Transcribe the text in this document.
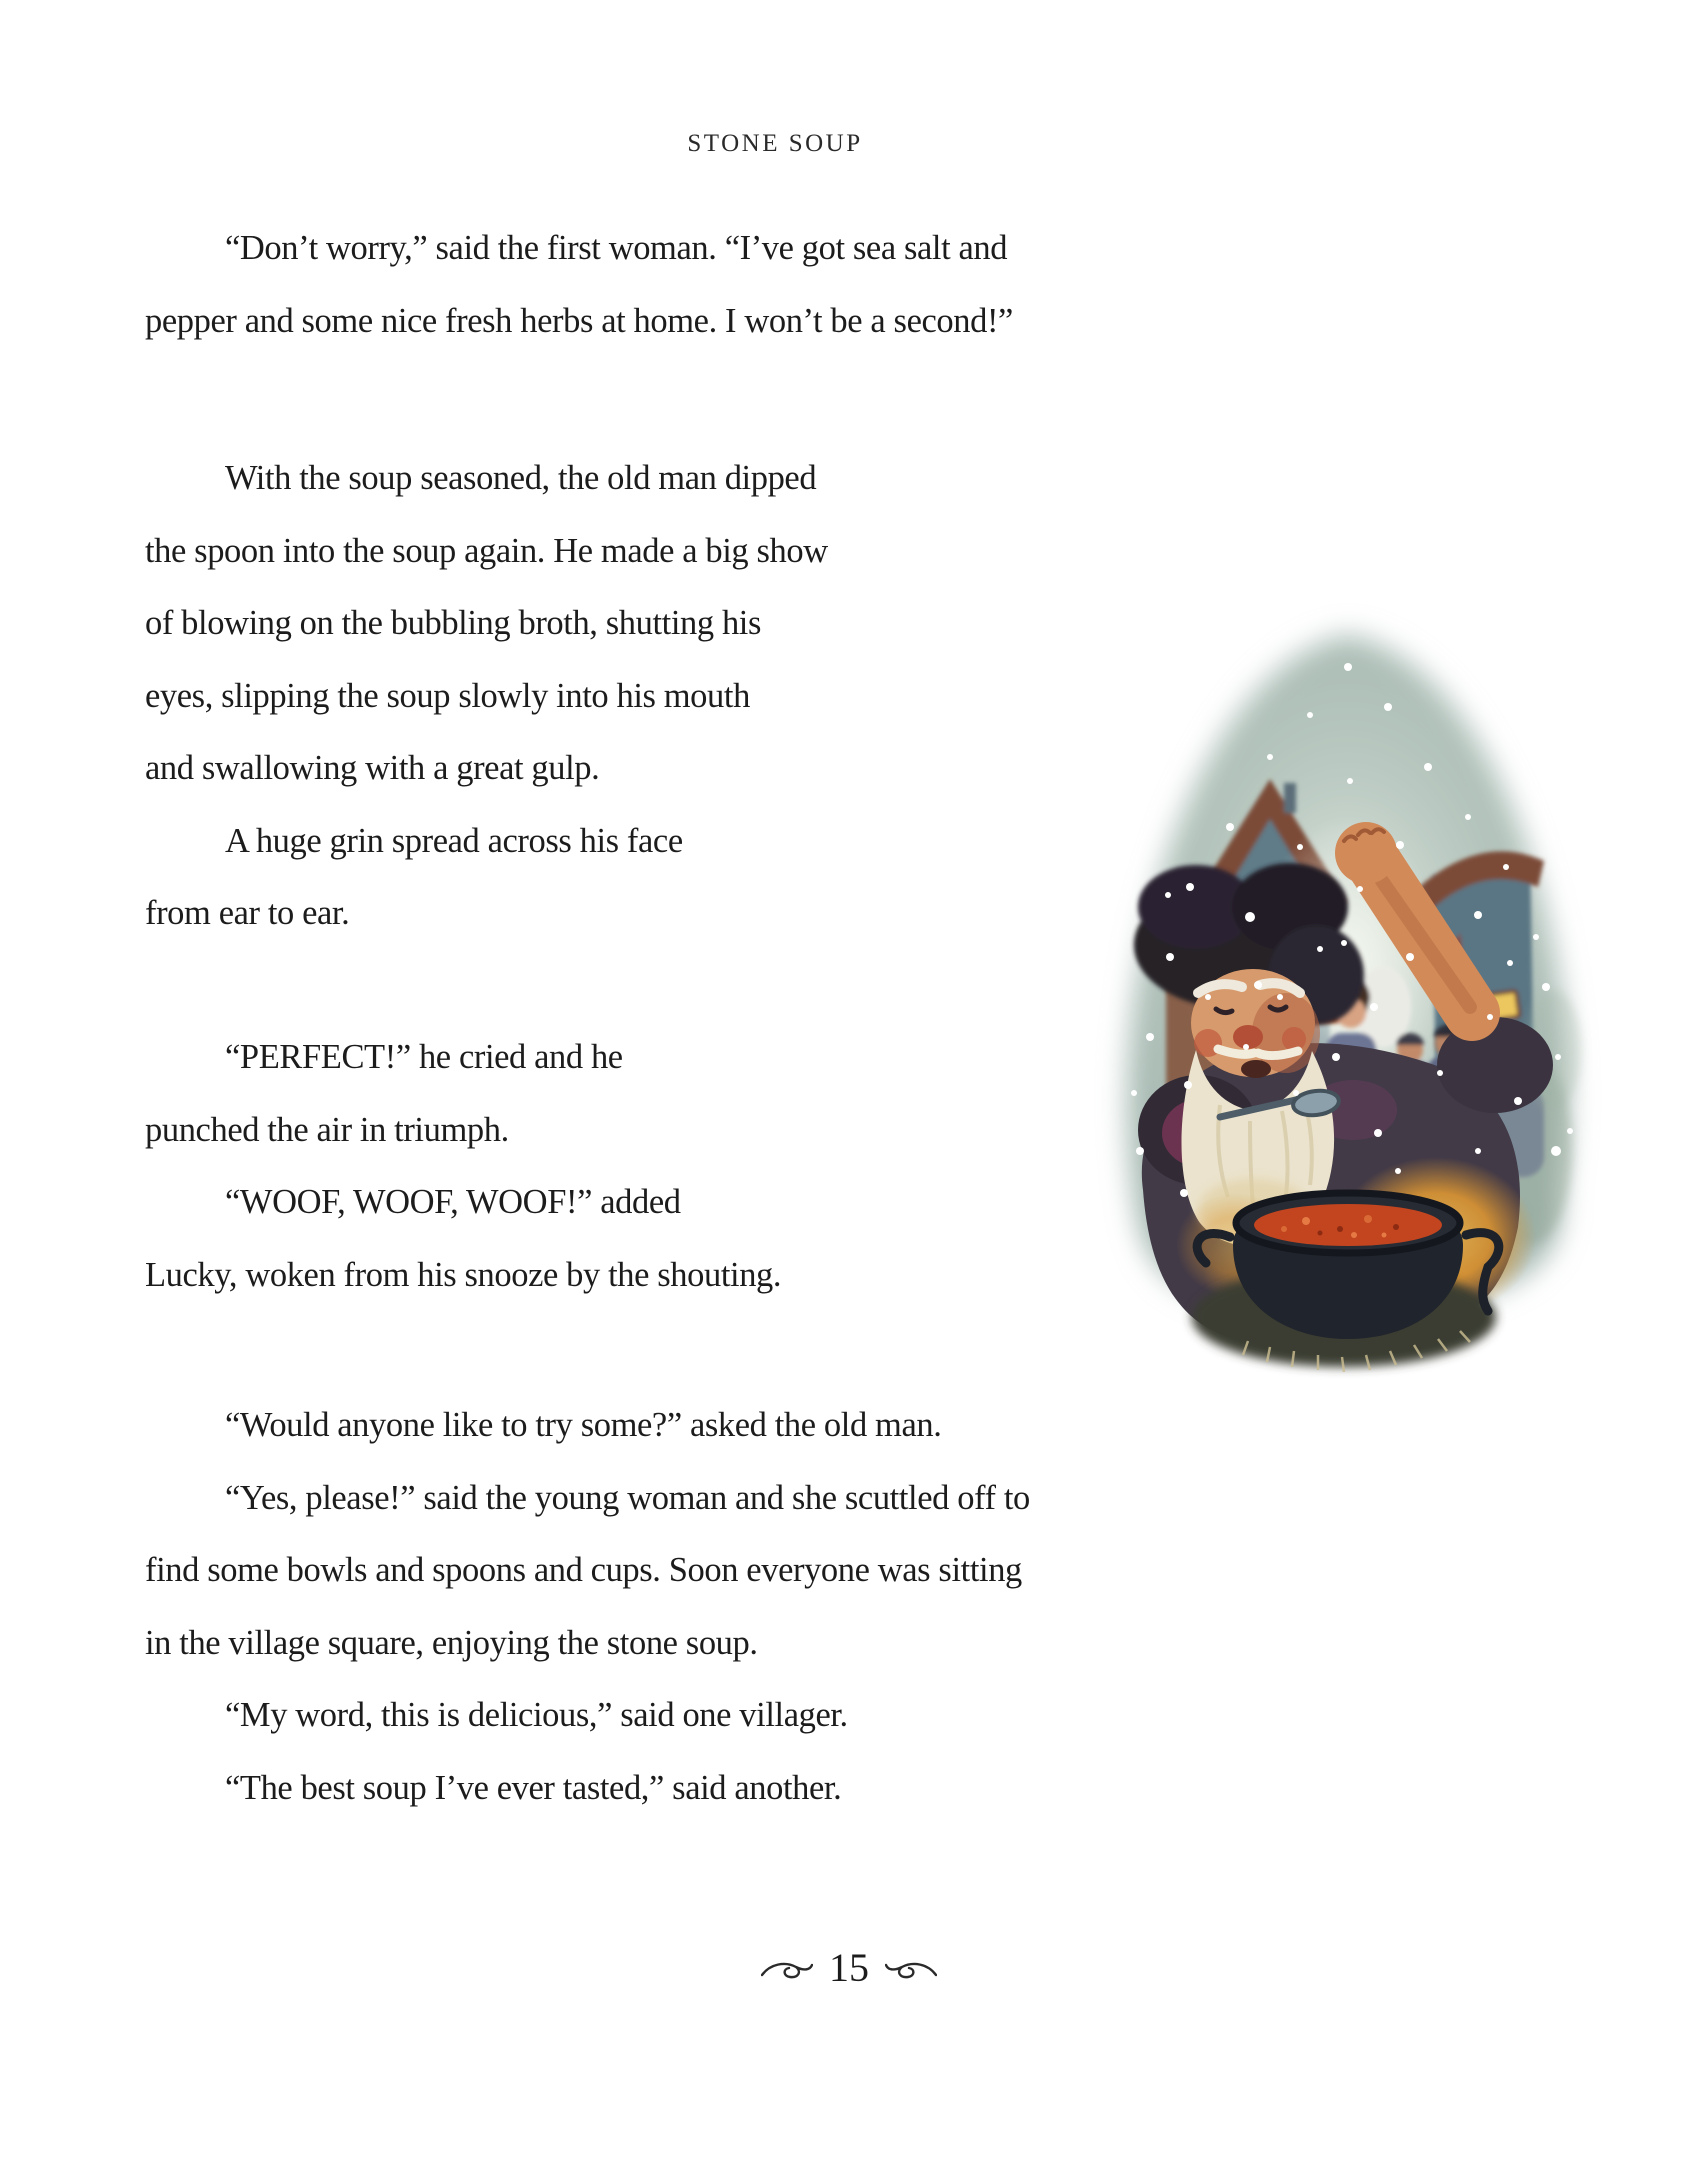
STONE SOUP
“Don’t worry,” said the first woman. “I’ve got sea salt and
pepper and some nice fresh herbs at home. I won’t be a second!”
With the soup seasoned, the old man dipped
the spoon into the soup again. He made a big show
of blowing on the bubbling broth, shutting his
eyes, slipping the soup slowly into his mouth
and swallowing with a great gulp.
A huge grin spread across his face
from ear to ear.
“PERFECT!” he cried and he
punched the air in triumph.
“WOOF, WOOF, WOOF!” added
Lucky, woken from his snooze by the shouting.
“Would anyone like to try some?” asked the old man.
“Yes, please!” said the young woman and she scuttled off to
find some bowls and spoons and cups. Soon everyone was sitting
in the village square, enjoying the stone soup.
“My word, this is delicious,” said one villager.
“The best soup I’ve ever tasted,” said another.
15
